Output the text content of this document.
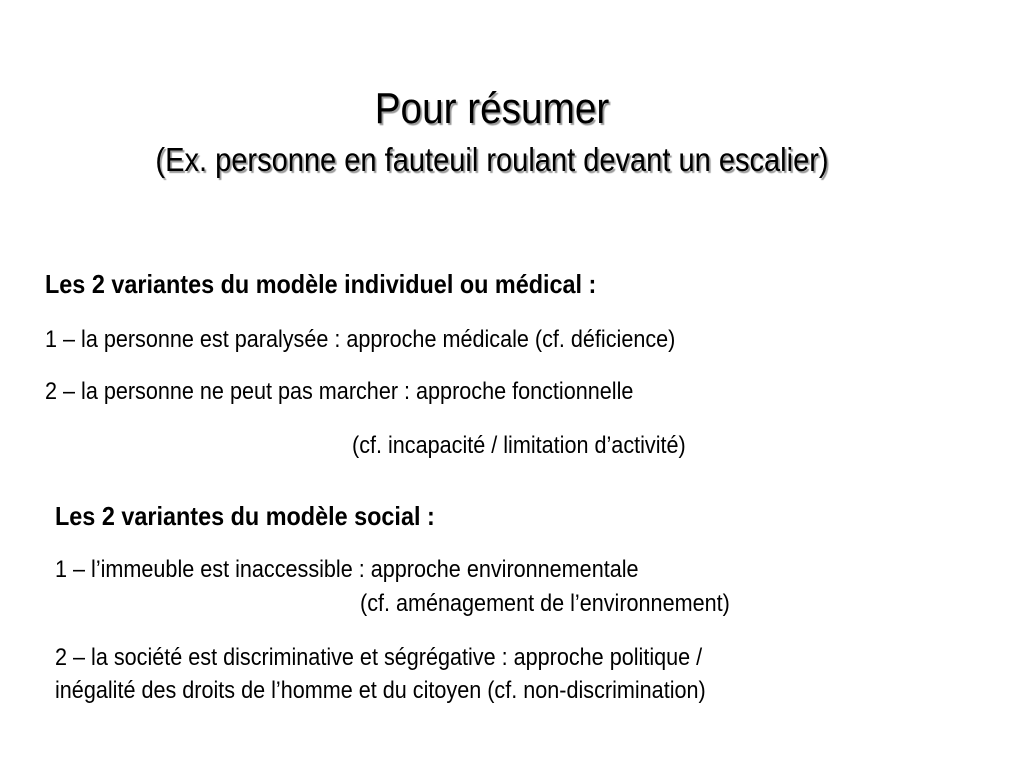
Pour résumer
(Ex. personne en fauteuil roulant devant un escalier)
Les 2 variantes du modèle individuel ou médical :
1 – la personne est paralysée : approche médicale (cf. déficience)
2 – la personne ne peut pas marcher : approche fonctionnelle
(cf. incapacité / limitation d’activité)
Les 2 variantes du modèle social :
1 – l’immeuble est inaccessible : approche environnementale
(cf. aménagement de l’environnement)
2 – la société est discriminative et ségrégative : approche politique /
inégalité des droits de l’homme et du citoyen (cf. non-discrimination)
